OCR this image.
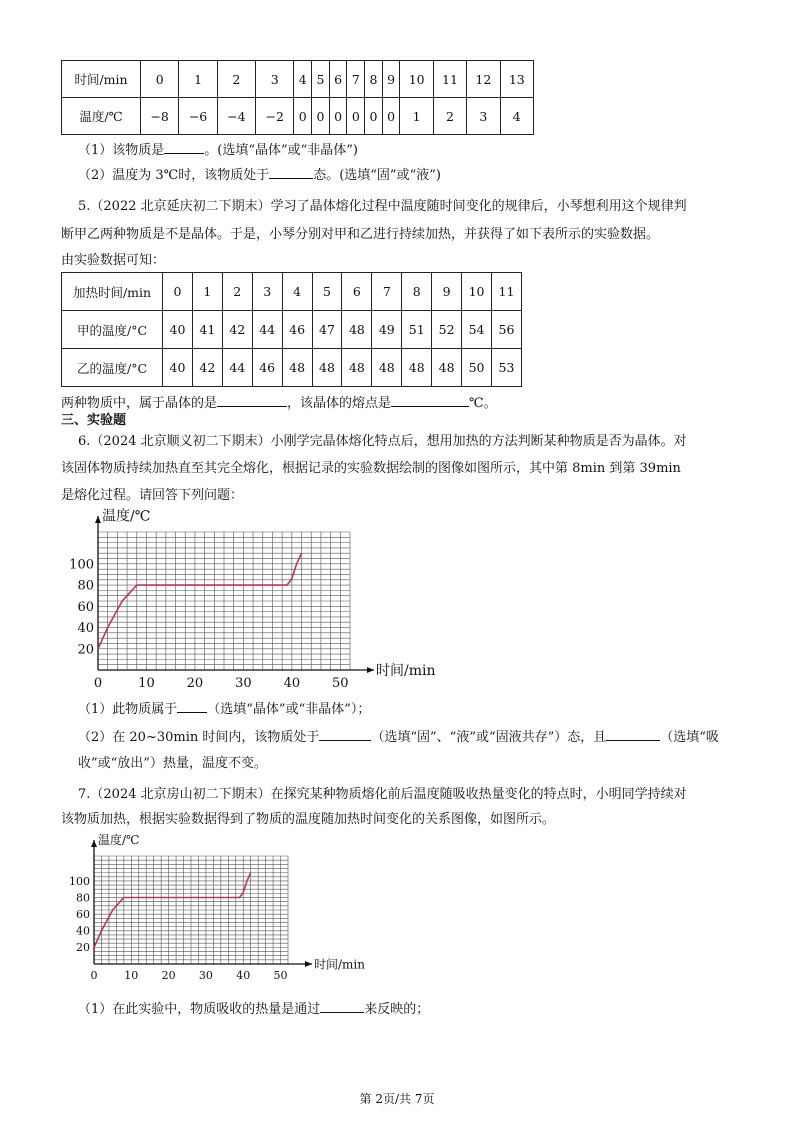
时间/min	0	1	2	3	4	5	6	7	8	9	10	11	12	13
温度/℃	−8	−6	−4	−2	0	0	0	0	0	0	1	2	3	4
（1）该物质是	。(选填“晶体”或“非晶体”)
（2）温度为 3℃时，该物质处于	态。(选填“固”或“液”)
5.（2022 北京延庆初二下期末）学习了晶体熔化过程中温度随时间变化的规律后，小琴想利用这个规律判
断甲乙两种物质是不是晶体。于是，小琴分别对甲和乙进行持续加热，并获得了如下表所示的实验数据。
由实验数据可知：
加热时间/min	0	1	2	3	4	5	6	7	8	9	10	11
甲的温度/°C	40	41	42	44	46	47	48	49	51	52	54	56
乙的温度/°C	40	42	44	46	48	48	48	48	48	48	50	53
两种物质中，属于晶体的是	，该晶体的熔点是	℃。
三、实验题
6.（2024 北京顺义初二下期末）小刚学完晶体熔化特点后，想用加热的方法判断某种物质是否为晶体。对
该固体物质持续加热直至其完全熔化，根据记录的实验数据绘制的图像如图所示，其中第 8min 到第 39min
是熔化过程。请回答下列问题：
0	10 20 30 40 50
20
40
60
80
100
温度/℃
时间/min
（1）此物质属于 （选填“晶体”或“非晶体”）；
（2）在 20~30min 时间内，该物质处于	（选填“固”、“液”或“固液共存”）态，且	（选填“吸
收”或“放出”）热量，温度不变。
7.（2024 北京房山初二下期末）在探究某种物质熔化前后温度随吸收热量变化的特点时，小明同学持续对
该物质加热，根据实验数据得到了物质的温度随加热时间变化的关系图像，如图所示。
0 10 20 30 40 50
20
40
60
80
100
温度/℃
时间/min
（1）在此实验中，物质吸收的热量是通过	来反映的；
第 2页/共 7页
